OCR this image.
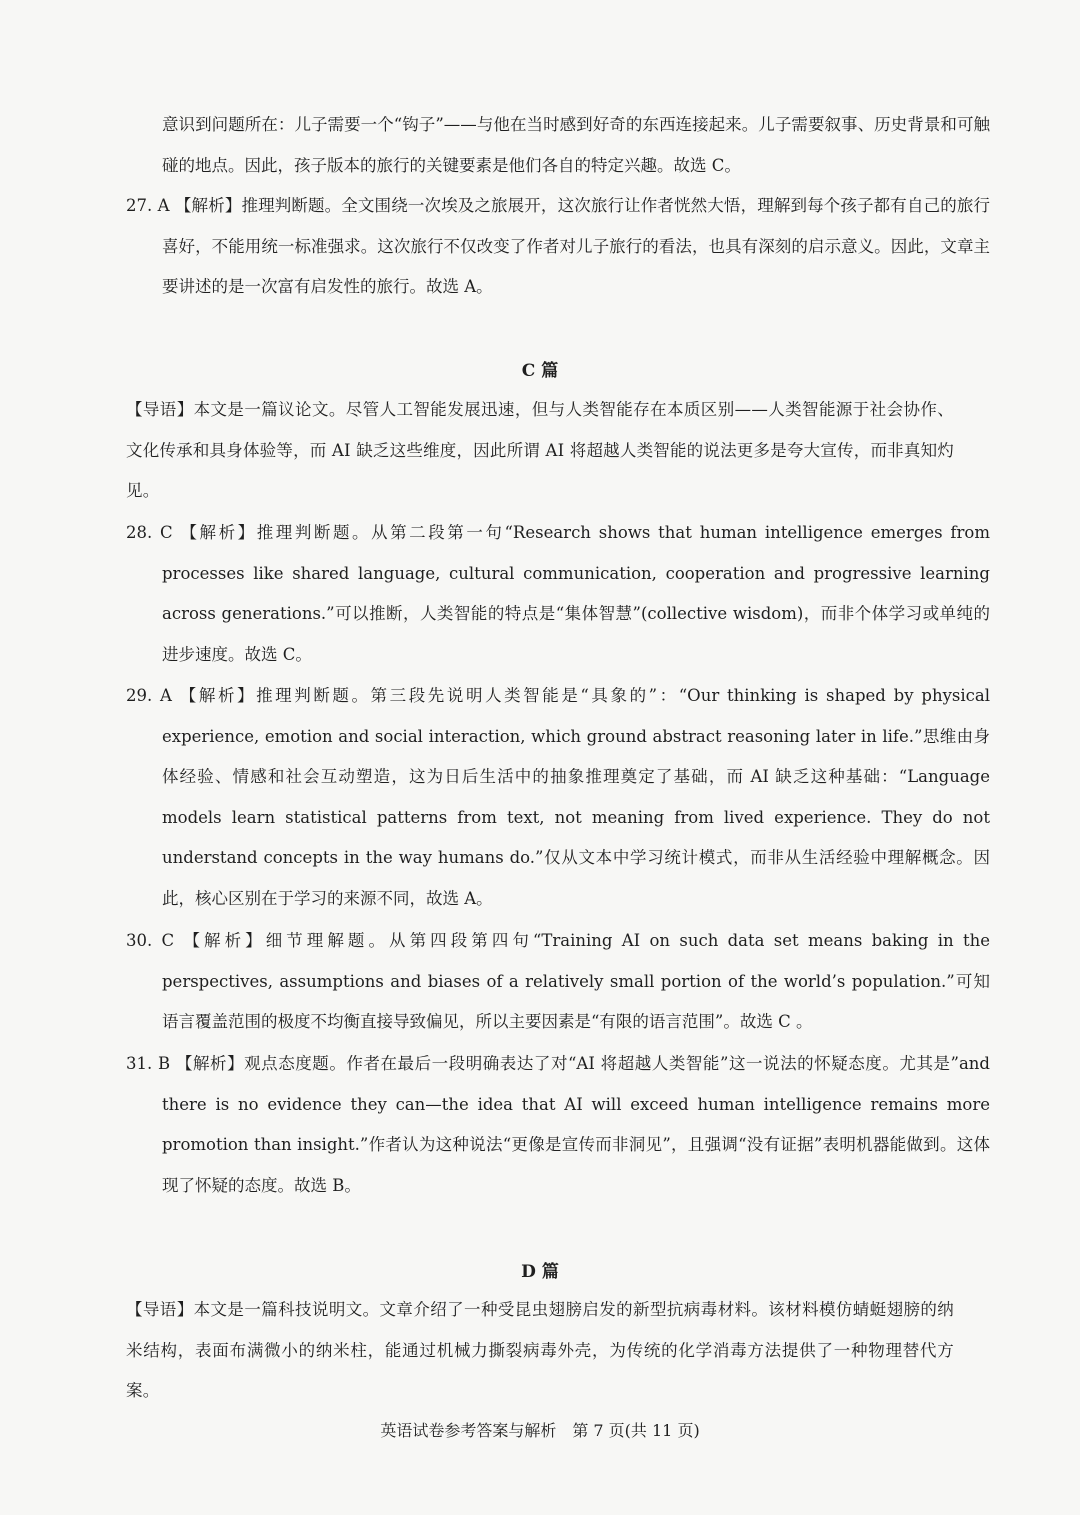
意识到问题所在：儿子需要一个“钩子”——与他在当时感到好奇的东西连接起来。儿子需要叙事、历史背景和可触碰的地点。因此，孩子版本的旅行的关键要素是他们各自的特定兴趣。故选 C。

27. A 【解析】推理判断题。全文围绕一次埃及之旅展开，这次旅行让作者恍然大悟，理解到每个孩子都有自己的旅行喜好，不能用统一标准强求。这次旅行不仅改变了作者对儿子旅行的看法，也具有深刻的启示意义。因此，文章主要讲述的是一次富有启发性的旅行。故选 A。

C 篇

【导语】本文是一篇议论文。尽管人工智能发展迅速，但与人类智能存在本质区别——人类智能源于社会协作、文化传承和具身体验等，而 AI 缺乏这些维度，因此所谓 AI 将超越人类智能的说法更多是夸大宣传，而非真知灼见。

28. C 【解析】推理判断题。从第二段第一句“Research shows that human intelligence emerges from processes like shared language, cultural communication, cooperation and progressive learning across generations.”可以推断，人类智能的特点是“集体智慧”(collective wisdom)，而非个体学习或单纯的进步速度。故选 C。

29. A 【解析】推理判断题。第三段先说明人类智能是“具象的”：“Our thinking is shaped by physical experience, emotion and social interaction, which ground abstract reasoning later in life.”思维由身体经验、情感和社会互动塑造，这为日后生活中的抽象推理奠定了基础，而 AI 缺乏这种基础：“Language models learn statistical patterns from text, not meaning from lived experience. They do not understand concepts in the way humans do.”仅从文本中学习统计模式，而非从生活经验中理解概念。因此，核心区别在于学习的来源不同，故选 A。

30. C 【解析】细节理解题。从第四段第四句“Training AI on such data set means baking in the perspectives, assumptions and biases of a relatively small portion of the world’s population.”可知语言覆盖范围的极度不均衡直接导致偏见，所以主要因素是“有限的语言范围”。故选 C 。

31. B 【解析】观点态度题。作者在最后一段明确表达了对“AI 将超越人类智能”这一说法的怀疑态度。尤其是”and there is no evidence they can—the idea that AI will exceed human intelligence remains more promotion than insight.”作者认为这种说法“更像是宣传而非洞见”，且强调“没有证据”表明机器能做到。这体现了怀疑的态度。故选 B。

D 篇

【导语】本文是一篇科技说明文。文章介绍了一种受昆虫翅膀启发的新型抗病毒材料。该材料模仿蜻蜓翅膀的纳米结构，表面布满微小的纳米柱，能通过机械力撕裂病毒外壳，为传统的化学消毒方法提供了一种物理替代方案。

英语试卷参考答案与解析　第 7 页(共 11 页)
